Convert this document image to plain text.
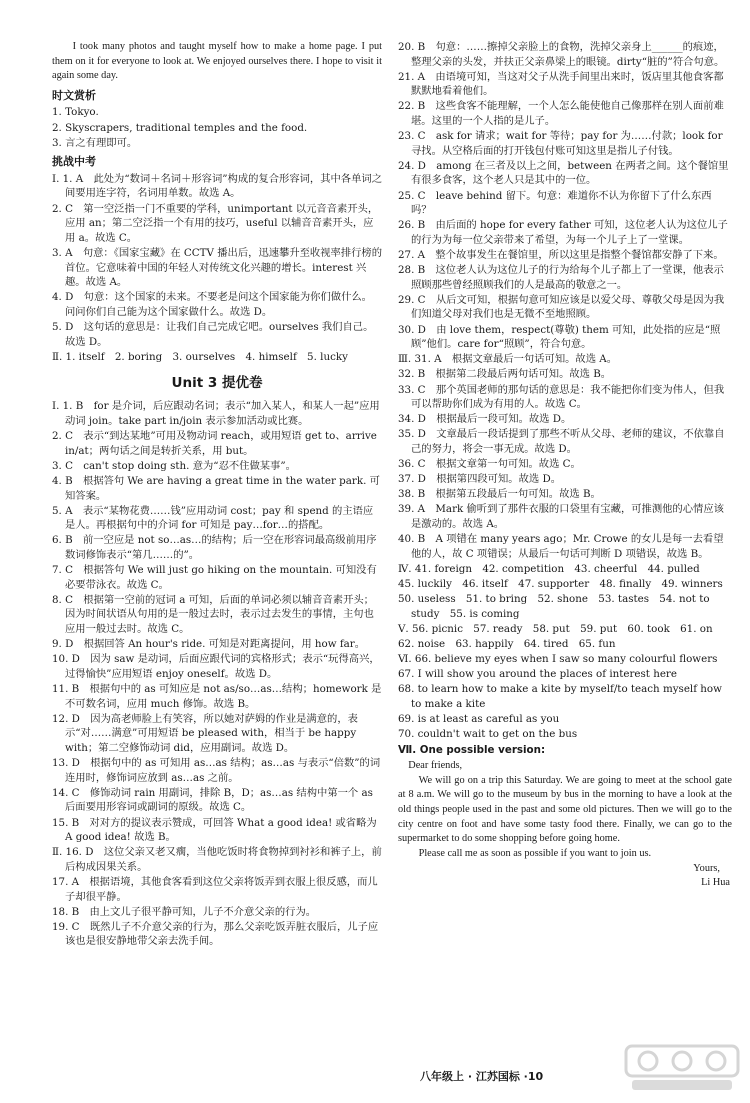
I took many photos and taught myself how to make a home page. I put them on it for everyone to look at. We enjoyed ourselves there. I hope to visit it again some day.

时文赏析
1. Tokyo.
2. Skyscrapers, traditional temples and the food.
3. 言之有理即可。
挑战中考
Ⅰ. 1. A　此处为“数词＋名词＋形容词”构成的复合形容词，其中各单词之间要用连字符，名词用单数。故选 A。
2. C　第一空泛指一门不重要的学科，unimportant 以元音音素开头，应用 an；第二空泛指一个有用的技巧，useful 以辅音音素开头，应用 a。故选 C。
3. A　句意：《国家宝藏》在 CCTV 播出后，迅速攀升至收视率排行榜的首位。它意味着中国的年轻人对传统文化兴趣的增长。interest 兴趣。故选 A。
4. D　句意：这个国家的未来。不要老是问这个国家能为你们做什么。问问你们自己能为这个国家做什么。故选 D。
5. D　这句话的意思是：让我们自己完成它吧。ourselves 我们自己。故选 D。
Ⅱ. 1. itself　2. boring　3. ourselves　4. himself　5. lucky
Unit 3 提优卷
Ⅰ. 1. B　for 是介词，后应跟动名词；表示“加入某人，和某人一起”应用动词 join。take part in/join 表示参加活动或比赛。
2. C　表示“到达某地”可用及物动词 reach，或用短语 get to、arrive in/at；两句话之间是转折关系，用 but。
3. C　can't stop doing sth. 意为“忍不住做某事”。
4. B　根据答句 We are having a great time in the water park. 可知答案。
5. A　表示“某物花费……钱”应用动词 cost；pay 和 spend 的主语应是人。再根据句中的介词 for 可知是 pay…for…的搭配。
6. B　前一空应是 not so…as…的结构；后一空在形容词最高级前用序数词修饰表示“第几……的”。
7. C　根据答句 We will just go hiking on the mountain. 可知没有必要带泳衣。故选 C。
8. C　根据第一空前的冠词 a 可知，后面的单词必须以辅音音素开头；因为时间状语从句用的是一般过去时，表示过去发生的事情，主句也应用一般过去时。故选 C。
9. D　根据回答 An hour's ride. 可知是对距离提问，用 how far。
10. D　因为 saw 是动词，后面应跟代词的宾格形式；表示“玩得高兴，过得愉快”应用短语 enjoy oneself。故选 D。
11. B　根据句中的 as 可知应是 not as/so…as…结构；homework 是不可数名词，应用 much 修饰。故选 B。
12. D　因为高老师脸上有笑容，所以她对萨姆的作业是满意的，表示“对……满意”可用短语 be pleased with，相当于 be happy with；第二空修饰动词 did，应用副词。故选 D。
13. D　根据句中的 as 可知用 as…as 结构；as…as 与表示“倍数”的词连用时，修饰词应放到 as…as 之前。
14. C　修饰动词 rain 用副词，排除 B，D；as…as 结构中第一个 as 后面要用形容词或副词的原级。故选 C。
15. B　对对方的提议表示赞成，可回答 What a good idea! 或省略为 A good idea! 故选 B。
Ⅱ. 16. D　这位父亲又老又瘸，当他吃饭时将食物掉到衬衫和裤子上，前后构成因果关系。
17. A　根据语境，其他食客看到这位父亲将饭弄到衣服上很反感，而儿子却很平静。
18. B　由上文儿子很平静可知，儿子不介意父亲的行为。
19. C　既然儿子不介意父亲的行为，那么父亲吃饭弄脏衣服后，儿子应该也是很安静地带父亲去洗手间。
20. B　句意：……擦掉父亲脸上的食物，洗掉父亲身上______的痕迹，整理父亲的头发，并扶正父亲鼻梁上的眼镜。dirty“脏的”符合句意。
21. A　由语境可知，当这对父子从洗手间里出来时，饭店里其他食客都默默地看着他们。
22. B　这些食客不能理解，一个人怎么能使他自己像那样在别人面前难堪。这里的一个人指的是儿子。
23. C　ask for 请求；wait for 等待；pay for 为……付款；look for 寻找。从空格后面的打开钱包付账可知这里是指儿子付钱。
24. D　among 在三者及以上之间，between 在两者之间。这个餐馆里有很多食客，这个老人只是其中的一位。
25. C　leave behind 留下。句意：难道你不认为你留下了什么东西吗？
26. B　由后面的 hope for every father 可知，这位老人认为这位儿子的行为为每一位父亲带来了希望，为每一个儿子上了一堂课。
27. A　整个故事发生在餐馆里，所以这里是指整个餐馆都安静了下来。
28. B　这位老人认为这位儿子的行为给每个儿子都上了一堂课，他表示照顾那些曾经照顾我们的人是最高的敬意之一。
29. C　从后文可知，根据句意可知应该是以爱父母、尊敬父母是因为我们知道父母对我们也是无微不至地照顾。
30. D　由 love them，respect(尊敬) them 可知，此处指的应是“照顾”他们。care for“照顾”，符合句意。
Ⅲ. 31. A　根据文章最后一句话可知。故选 A。
32. B　根据第二段最后两句话可知。故选 B。
33. C　那个英国老师的那句话的意思是：我不能把你们变为伟人，但我可以帮助你们成为有用的人。故选 C。
34. D　根据最后一段可知。故选 D。
35. D　文章最后一段话提到了那些不听从父母、老师的建议，不依靠自己的努力，将会一事无成。故选 D。
36. C　根据文章第一句可知。故选 C。
37. D　根据第四段可知。故选 D。
38. B　根据第五段最后一句可知。故选 B。
39. A　Mark 偷听到了那件衣服的口袋里有宝藏，可推测他的心情应该是激动的。故选 A。
40. B　A 项错在 many years ago；Mr. Crowe 的女儿是每一去看望他的人，故 C 项错误；从最后一句话可判断 D 项错误，故选 B。
Ⅳ. 41. foreign　42. competition　43. cheerful　44. pulled
45. luckily　46. itself　47. supporter　48. finally　49. winners
50. useless　51. to bring　52. shone　53. tastes　54. not to study　55. is coming
Ⅴ. 56. picnic　57. ready　58. put　59. put　60. took　61. on
62. noise　63. happily　64. tired　65. fun
Ⅵ. 66. believe my eyes when I saw so many colourful flowers
67. I will show you around the places of interest here
68. to learn how to make a kite by myself/to teach myself how to make a kite
69. is at least as careful as you
70. couldn't wait to get on the bus
Ⅶ. One possible version:

Dear friends,

We will go on a trip this Saturday. We are going to meet at the school gate at 8 a.m. We will go to the museum by bus in the morning to have a look at the old things people used in the past and some old pictures. Then we will go to the city centre on foot and have some tasty food there. Finally, we can go to the supermarket to do some shopping before going home.

Please call me as soon as possible if you want to join us.

Yours,

Li Hua

八年级上 · 江苏国标 ·10
